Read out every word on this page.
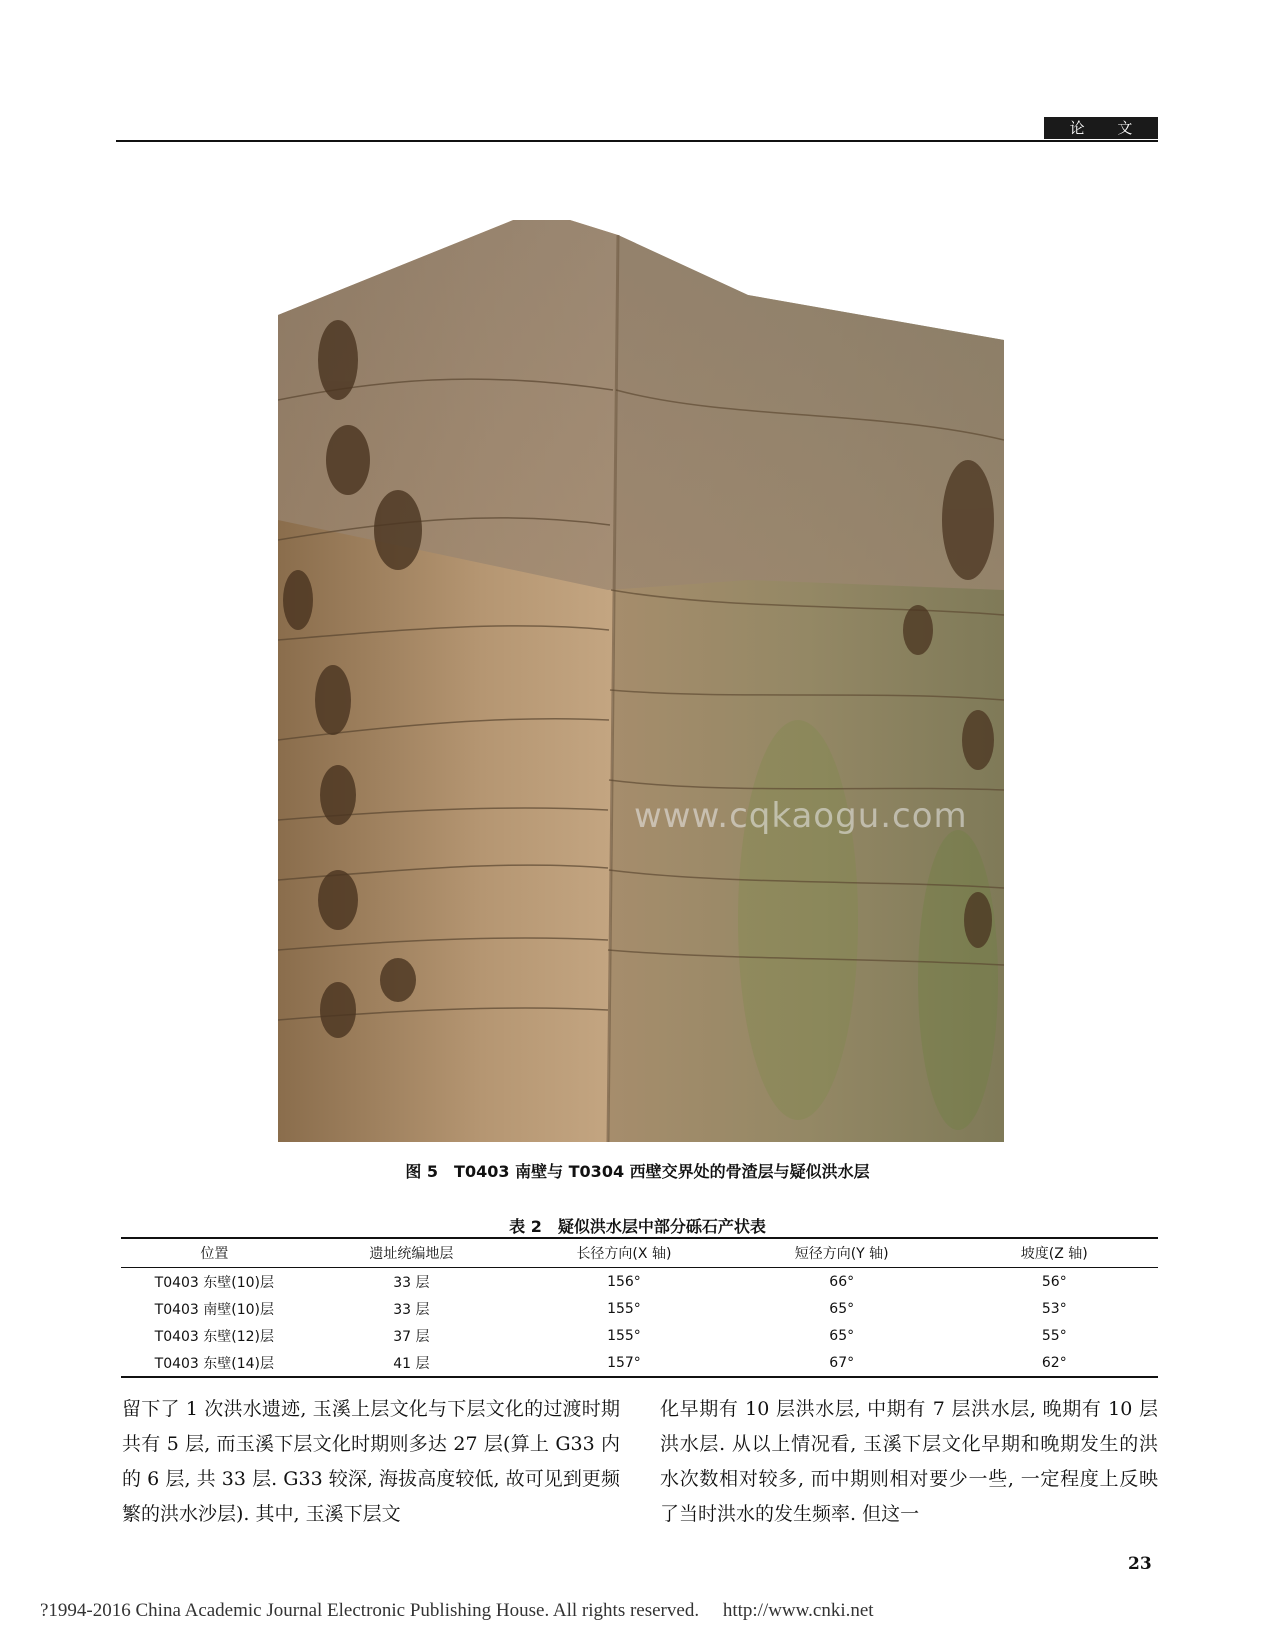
论 文
www.cqkaogu.com
图 5　T0403 南壁与 T0304 西壁交界处的骨渣层与疑似洪水层
表 2　疑似洪水层中部分砾石产状表
位置	遗址统编地层	长径方向(X 轴)	短径方向(Y 轴)	坡度(Z 轴)
T0403 东壁(10)层	33 层	156°	66°	56°
T0403 南壁(10)层	33 层	155°	65°	53°
T0403 东壁(12)层	37 层	155°	65°	55°
T0403 东壁(14)层	41 层	157°	67°	62°
留下了 1 次洪水遗迹, 玉溪上层文化与下层文化的过渡时期共有 5 层, 而玉溪下层文化时期则多达 27 层(算上 G33 内的 6 层, 共 33 层. G33 较深, 海拔高度较低, 故可见到更频繁的洪水沙层). 其中, 玉溪下层文
化早期有 10 层洪水层, 中期有 7 层洪水层, 晚期有 10 层洪水层. 从以上情况看, 玉溪下层文化早期和晚期发生的洪水次数相对较多, 而中期则相对要少一些, 一定程度上反映了当时洪水的发生频率. 但这一
23
?1994-2016 China Academic Journal Electronic Publishing House. All rights reserved.　 http://www.cnki.net
